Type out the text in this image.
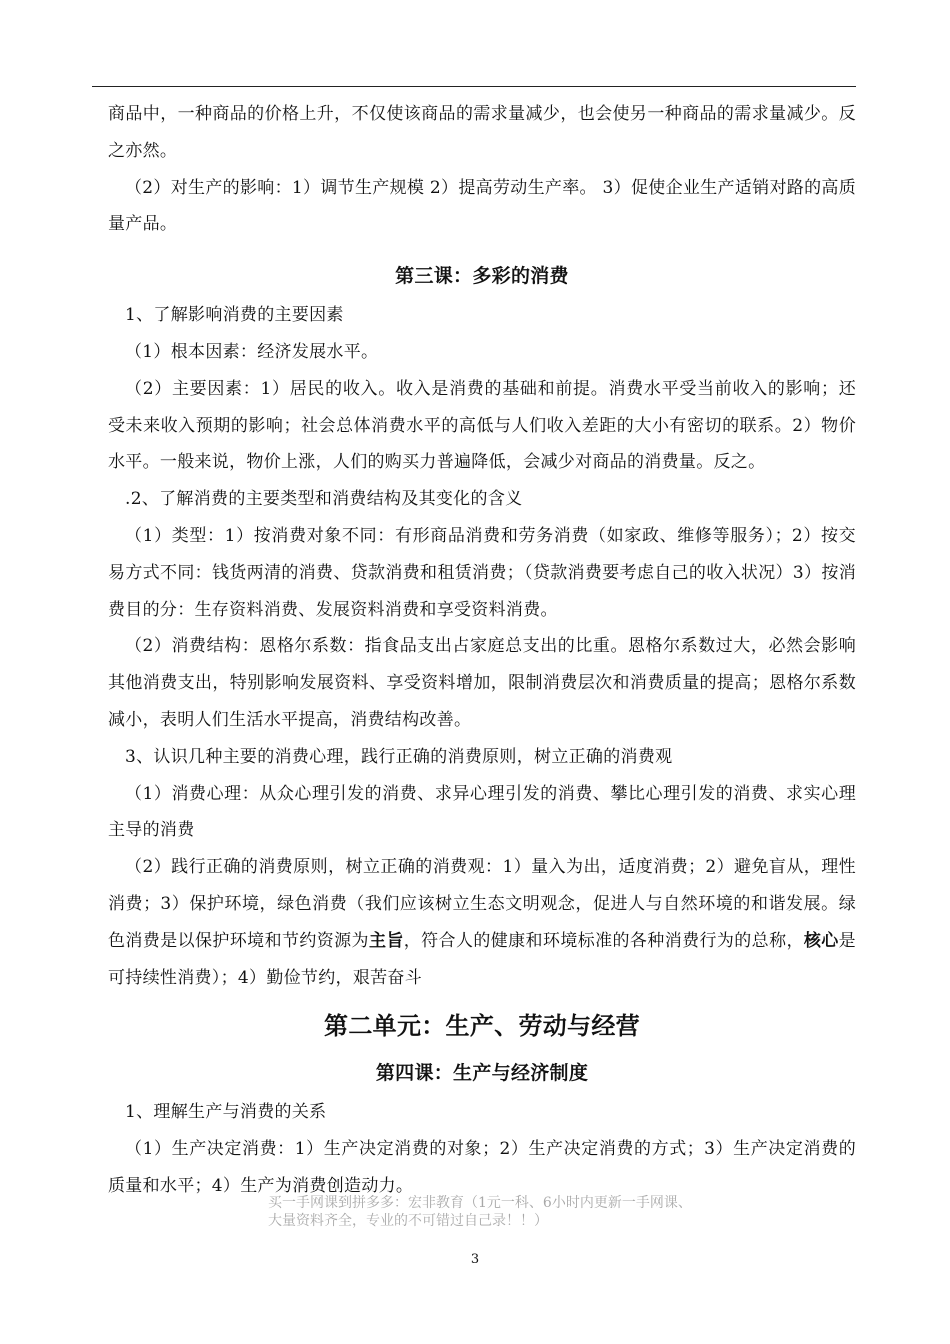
商品中，一种商品的价格上升，不仅使该商品的需求量减少，也会使另一种商品的需求量减少。反之亦然。

（2）对生产的影响：1）调节生产规模 2）提高劳动生产率。 3）促使企业生产适销对路的高质量产品。

第三课：多彩的消费

1、了解影响消费的主要因素

（1）根本因素：经济发展水平。

（2）主要因素：1）居民的收入。收入是消费的基础和前提。消费水平受当前收入的影响；还受未来收入预期的影响；社会总体消费水平的高低与人们收入差距的大小有密切的联系。2）物价水平。一般来说，物价上涨，人们的购买力普遍降低，会减少对商品的消费量。反之。

.2、了解消费的主要类型和消费结构及其变化的含义

（1）类型：1）按消费对象不同：有形商品消费和劳务消费（如家政、维修等服务）；2）按交易方式不同：钱货两清的消费、贷款消费和租赁消费；（贷款消费要考虑自己的收入状况）3）按消费目的分：生存资料消费、发展资料消费和享受资料消费。

（2）消费结构：恩格尔系数：指食品支出占家庭总支出的比重。恩格尔系数过大，必然会影响其他消费支出，特别影响发展资料、享受资料增加，限制消费层次和消费质量的提高；恩格尔系数减小，表明人们生活水平提高，消费结构改善。

3、认识几种主要的消费心理，践行正确的消费原则，树立正确的消费观

（1）消费心理：从众心理引发的消费、求异心理引发的消费、攀比心理引发的消费、求实心理主导的消费

（2）践行正确的消费原则，树立正确的消费观：1）量入为出，适度消费；2）避免盲从，理性消费；3）保护环境，绿色消费（我们应该树立生态文明观念，促进人与自然环境的和谐发展。绿色消费是以保护环境和节约资源为主旨，符合人的健康和环境标准的各种消费行为的总称，核心是可持续性消费）；4）勤俭节约，艰苦奋斗

第二单元：生产、劳动与经营

第四课：生产与经济制度

1、理解生产与消费的关系

（1）生产决定消费：1）生产决定消费的对象；2）生产决定消费的方式；3）生产决定消费的质量和水平；4）生产为消费创造动力。

买一手网课到拼多多：宏非教育（1元一科、6小时内更新一手网课、
大量资料齐全，专业的不可错过自己录！！）
3
